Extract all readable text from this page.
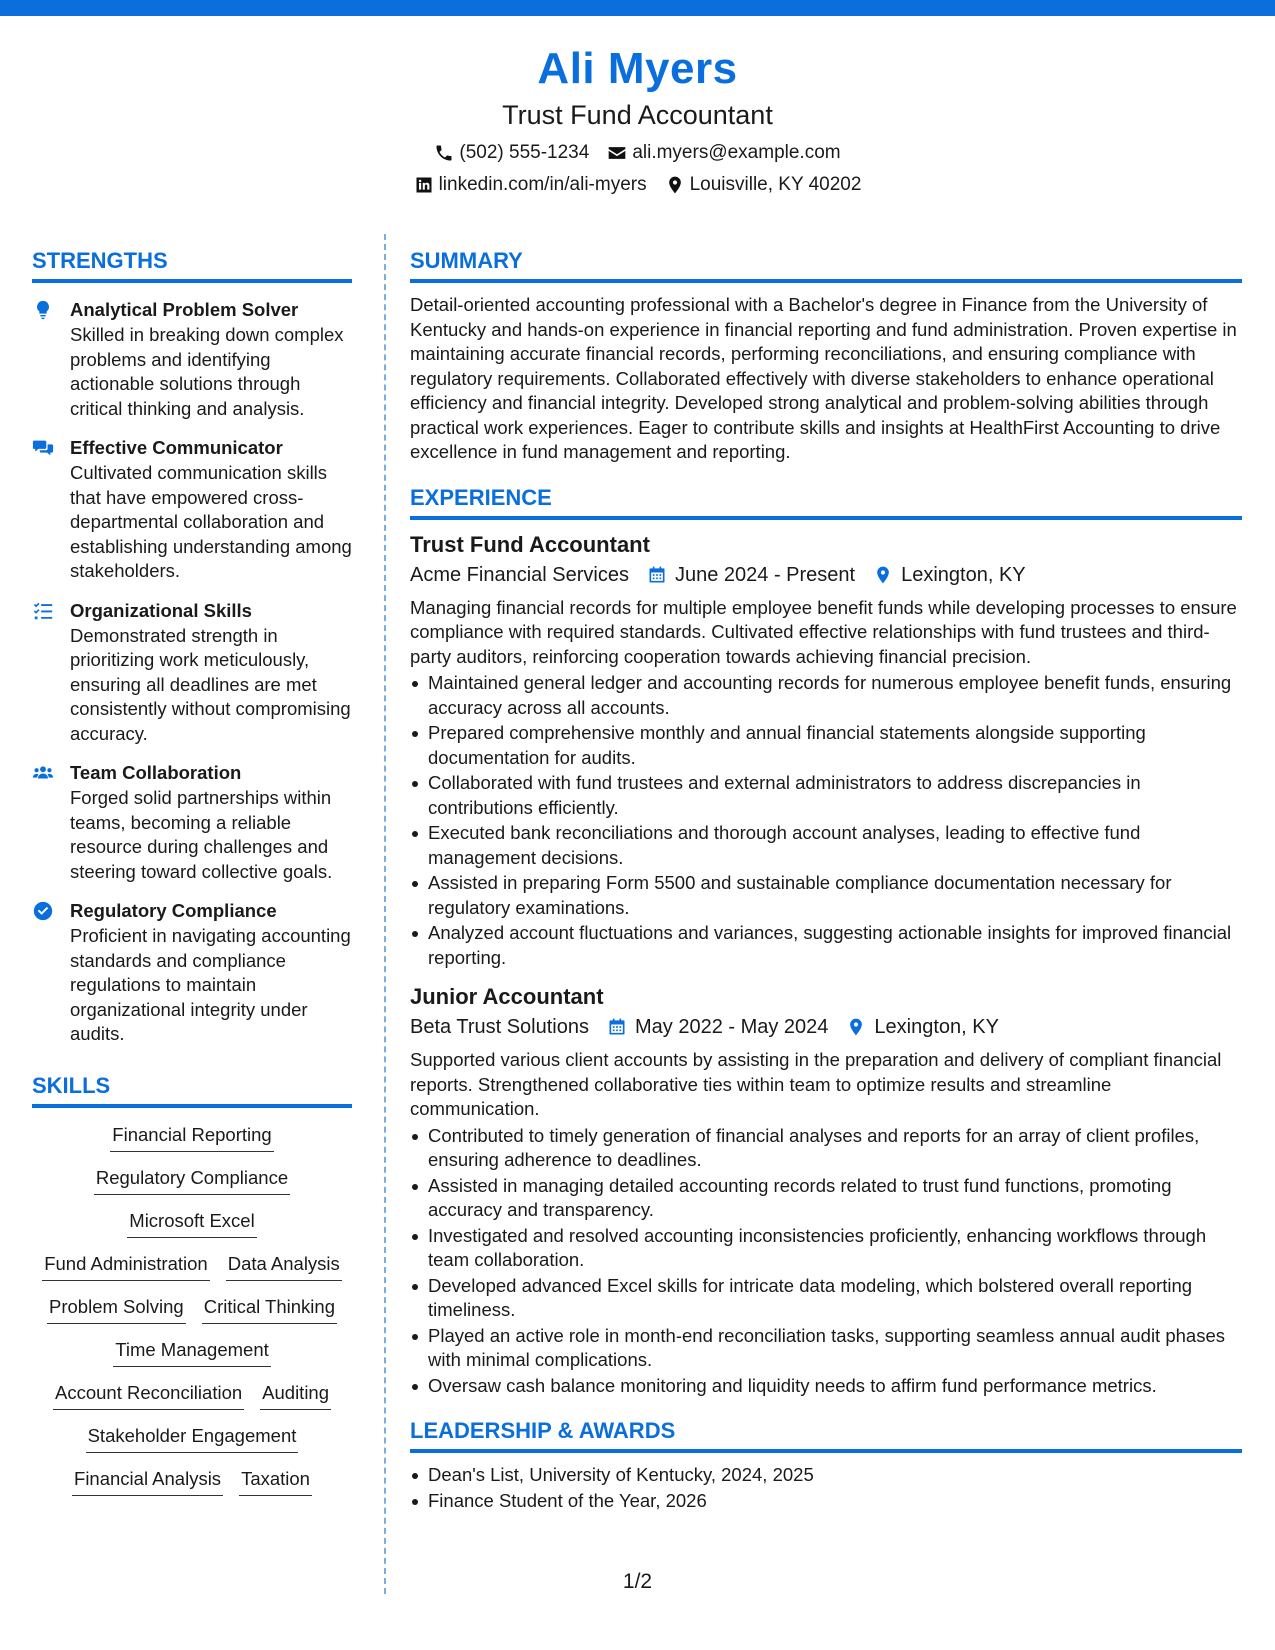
Ali Myers
Trust Fund Accountant
(502) 555-1234 ali.myers@example.com
linkedin.com/in/ali-myers Louisville, KY 40202
STRENGTHS
Analytical Problem Solver
Skilled in breaking down complex problems and identifying actionable solutions through critical thinking and analysis.
Effective Communicator
Cultivated communication skills that have empowered cross-departmental collaboration and establishing understanding among stakeholders.
Organizational Skills
Demonstrated strength in prioritizing work meticulously, ensuring all deadlines are met consistently without compromising accuracy.
Team Collaboration
Forged solid partnerships within teams, becoming a reliable resource during challenges and steering toward collective goals.
Regulatory Compliance
Proficient in navigating accounting standards and compliance regulations to maintain organizational integrity under audits.
SKILLS
Financial Reporting
Regulatory Compliance
Microsoft Excel
Fund Administration Data Analysis
Problem Solving Critical Thinking
Time Management
Account Reconciliation Auditing
Stakeholder Engagement
Financial Analysis Taxation
SUMMARY
Detail-oriented accounting professional with a Bachelor's degree in Finance from the University of Kentucky and hands-on experience in financial reporting and fund administration. Proven expertise in maintaining accurate financial records, performing reconciliations, and ensuring compliance with regulatory requirements. Collaborated effectively with diverse stakeholders to enhance operational efficiency and financial integrity. Developed strong analytical and problem-solving abilities through practical work experiences. Eager to contribute skills and insights at HealthFirst Accounting to drive excellence in fund management and reporting.
EXPERIENCE
Trust Fund Accountant
Acme Financial Services June 2024 - Present Lexington, KY
Managing financial records for multiple employee benefit funds while developing processes to ensure compliance with required standards. Cultivated effective relationships with fund trustees and third-party auditors, reinforcing cooperation towards achieving financial precision.
Maintained general ledger and accounting records for numerous employee benefit funds, ensuring accuracy across all accounts.
Prepared comprehensive monthly and annual financial statements alongside supporting documentation for audits.
Collaborated with fund trustees and external administrators to address discrepancies in contributions efficiently.
Executed bank reconciliations and thorough account analyses, leading to effective fund management decisions.
Assisted in preparing Form 5500 and sustainable compliance documentation necessary for regulatory examinations.
Analyzed account fluctuations and variances, suggesting actionable insights for improved financial reporting.
Junior Accountant
Beta Trust Solutions May 2022 - May 2024 Lexington, KY
Supported various client accounts by assisting in the preparation and delivery of compliant financial reports. Strengthened collaborative ties within team to optimize results and streamline communication.
Contributed to timely generation of financial analyses and reports for an array of client profiles, ensuring adherence to deadlines.
Assisted in managing detailed accounting records related to trust fund functions, promoting accuracy and transparency.
Investigated and resolved accounting inconsistencies proficiently, enhancing workflows through team collaboration.
Developed advanced Excel skills for intricate data modeling, which bolstered overall reporting timeliness.
Played an active role in month-end reconciliation tasks, supporting seamless annual audit phases with minimal complications.
Oversaw cash balance monitoring and liquidity needs to affirm fund performance metrics.
LEADERSHIP & AWARDS
Dean's List, University of Kentucky, 2024, 2025
Finance Student of the Year, 2026
1/2
